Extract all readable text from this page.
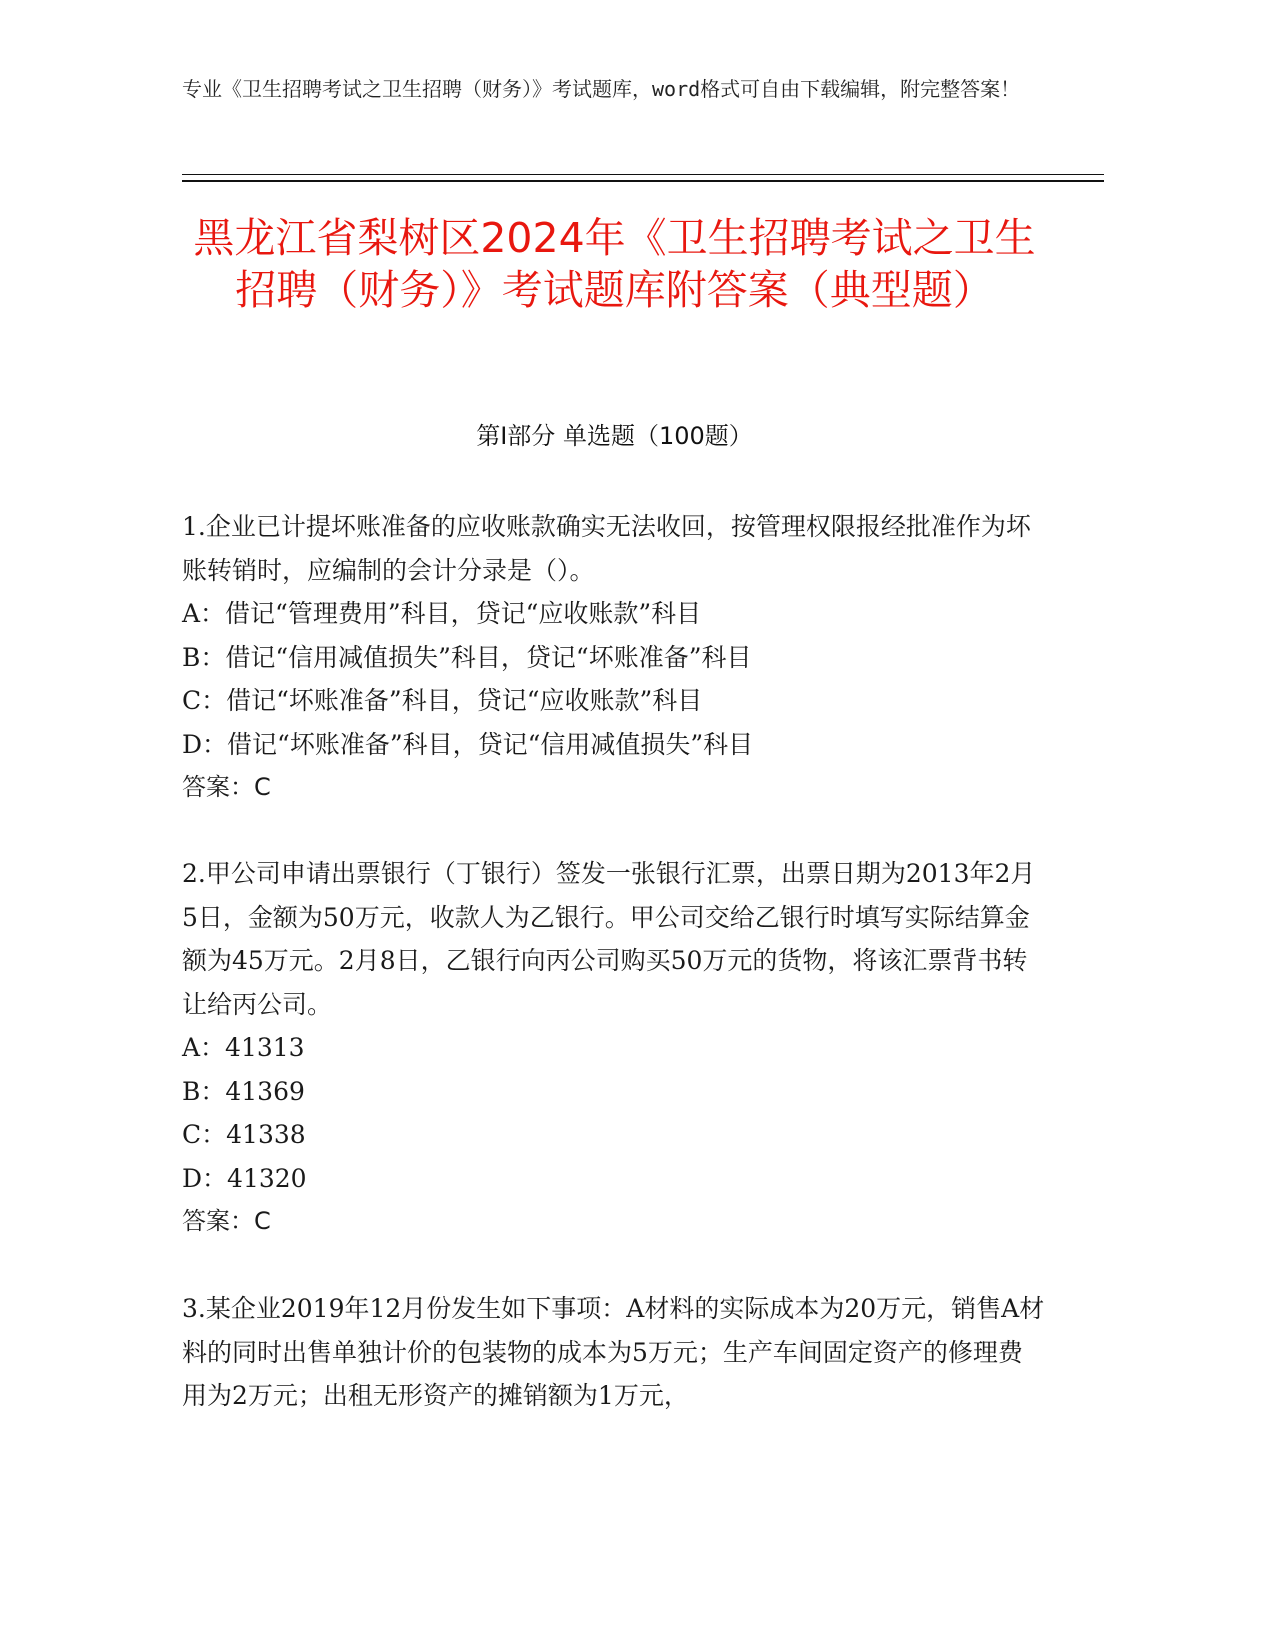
专业《卫生招聘考试之卫生招聘（财务）》考试题库，word格式可自由下载编辑，附完整答案！
黑龙江省梨树区2024年《卫生招聘考试之卫生招聘（财务）》考试题库附答案（典型题）
第Ⅰ部分 单选题（100题）

1.企业已计提坏账准备的应收账款确实无法收回，按管理权限报经批准作为坏账转销时，应编制的会计分录是（）。

A：借记“管理费用”科目，贷记“应收账款”科目

B：借记“信用减值损失”科目，贷记“坏账准备”科目

C：借记“坏账准备”科目，贷记“应收账款”科目

D：借记“坏账准备”科目，贷记“信用减值损失”科目

答案：C

2.甲公司申请出票银行（丁银行）签发一张银行汇票，出票日期为2013年2月5日，金额为50万元，收款人为乙银行。甲公司交给乙银行时填写实际结算金额为45万元。2月8日，乙银行向丙公司购买50万元的货物，将该汇票背书转让给丙公司。

A：41313

B：41369

C：41338

D：41320

答案：C

3.某企业2019年12月份发生如下事项：A材料的实际成本为20万元，销售A材料的同时出售单独计价的包装物的成本为5万元；生产车间固定资产的修理费用为2万元；出租无形资产的摊销额为1万元，
